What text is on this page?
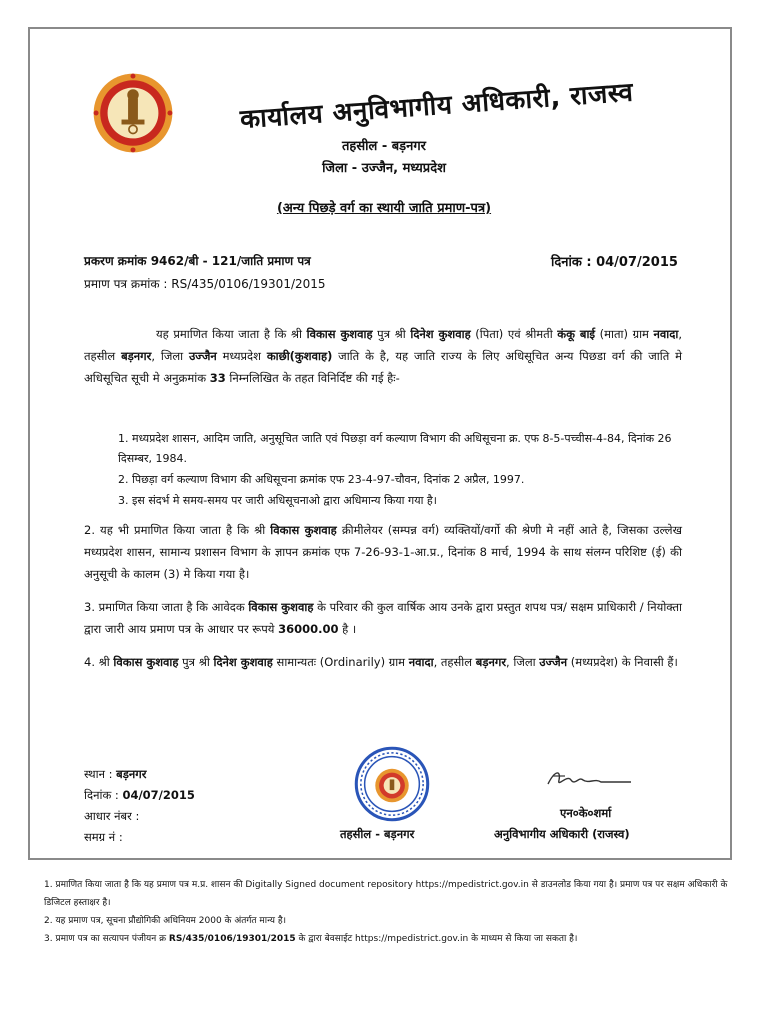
कार्यालय अनुविभागीय अधिकारी, राजस्व
तहसील - बड़नगर
जिला - उज्जैन, मध्यप्रदेश
(अन्य पिछड़े वर्ग का स्थायी जाति प्रमाण-पत्र)
प्रकरण क्रमांक 9462/बी - 121/जाति प्रमाण पत्र	दिनांक : 04/07/2015
प्रमाण पत्र क्रमांक : RS/435/0106/19301/2015
यह प्रमाणित किया जाता है कि श्री विकास कुशवाह पुत्र श्री दिनेश कुशवाह (पिता) एवं श्रीमती कंकू बाई (माता) ग्राम नवादा, तहसील बड़नगर, जिला उज्जैन मध्यप्रदेश काछी(कुशवाह) जाति के है, यह जाति राज्य के लिए अधिसूचित अन्य पिछडा वर्ग की जाति मे अधिसूचित सूची मे अनुक्रमांक 33 निम्नलिखित के तहत विनिर्दिष्ट की गई हैः-
1. मध्यप्रदेश शासन, आदिम जाति, अनुसूचित जाति एवं पिछड़ा वर्ग कल्याण विभाग की अधिसूचना क्र. एफ 8-5-पच्चीस-4-84, दिनांक 26 दिसम्बर, 1984.
2. पिछड़ा वर्ग कल्याण विभाग की अधिसूचना क्रमांक एफ 23-4-97-चौवन, दिनांक 2 अप्रैल, 1997.
3. इस संदर्भ मे समय-समय पर जारी अधिसूचनाओ द्वारा अधिमान्य किया गया है।
2. यह भी प्रमाणित किया जाता है कि श्री विकास कुशवाह क्रीमीलेयर (सम्पन्न वर्ग) व्यक्तियों/वर्गो की श्रेणी मे नहीं आते है, जिसका उल्लेख मध्यप्रदेश शासन, सामान्य प्रशासन विभाग के ज्ञापन क्रमांक एफ 7-26-93-1-आ.प्र., दिनांक 8 मार्च, 1994 के साथ संलग्न परिशिष्ट (ई) की अनुसूची के कालम (3) मे किया गया है।
3. प्रमाणित किया जाता है कि आवेदक विकास कुशवाह के परिवार की कुल वार्षिक आय उनके द्वारा प्रस्तुत शपथ पत्र/ सक्षम प्राधिकारी / नियोक्ता द्वारा जारी आय प्रमाण पत्र के आधार पर रूपये 36000.00 है ।
4. श्री विकास कुशवाह पुत्र श्री दिनेश कुशवाह सामान्यतः (Ordinarily) ग्राम नवादा, तहसील बड़नगर, जिला उज्जैन (मध्यप्रदेश) के निवासी हैं।
स्थान : बड़नगर
दिनांक : 04/07/2015
आधार नंबर :
समग्र नं :	तहसील - बड़नगर
एन०के०शर्मा
अनुविभागीय अधिकारी (राजस्व)
1. प्रमाणित किया जाता है कि यह प्रमाण पत्र म.प्र. शासन की Digitally Signed document repository https://mpedistrict.gov.in से डाउनलोड किया गया है। प्रमाण पत्र पर सक्षम अधिकारी के डिजिटल हस्ताक्षर है।
2. यह प्रमाण पत्र, सूचना प्रौद्योगिकी अधिनियम 2000 के अंतर्गत मान्य है।
3. प्रमाण पत्र का सत्यापन पंजीयन क्र RS/435/0106/19301/2015 के द्वारा बेवसाईट https://mpedistrict.gov.in के माध्यम से किया जा सकता है।
